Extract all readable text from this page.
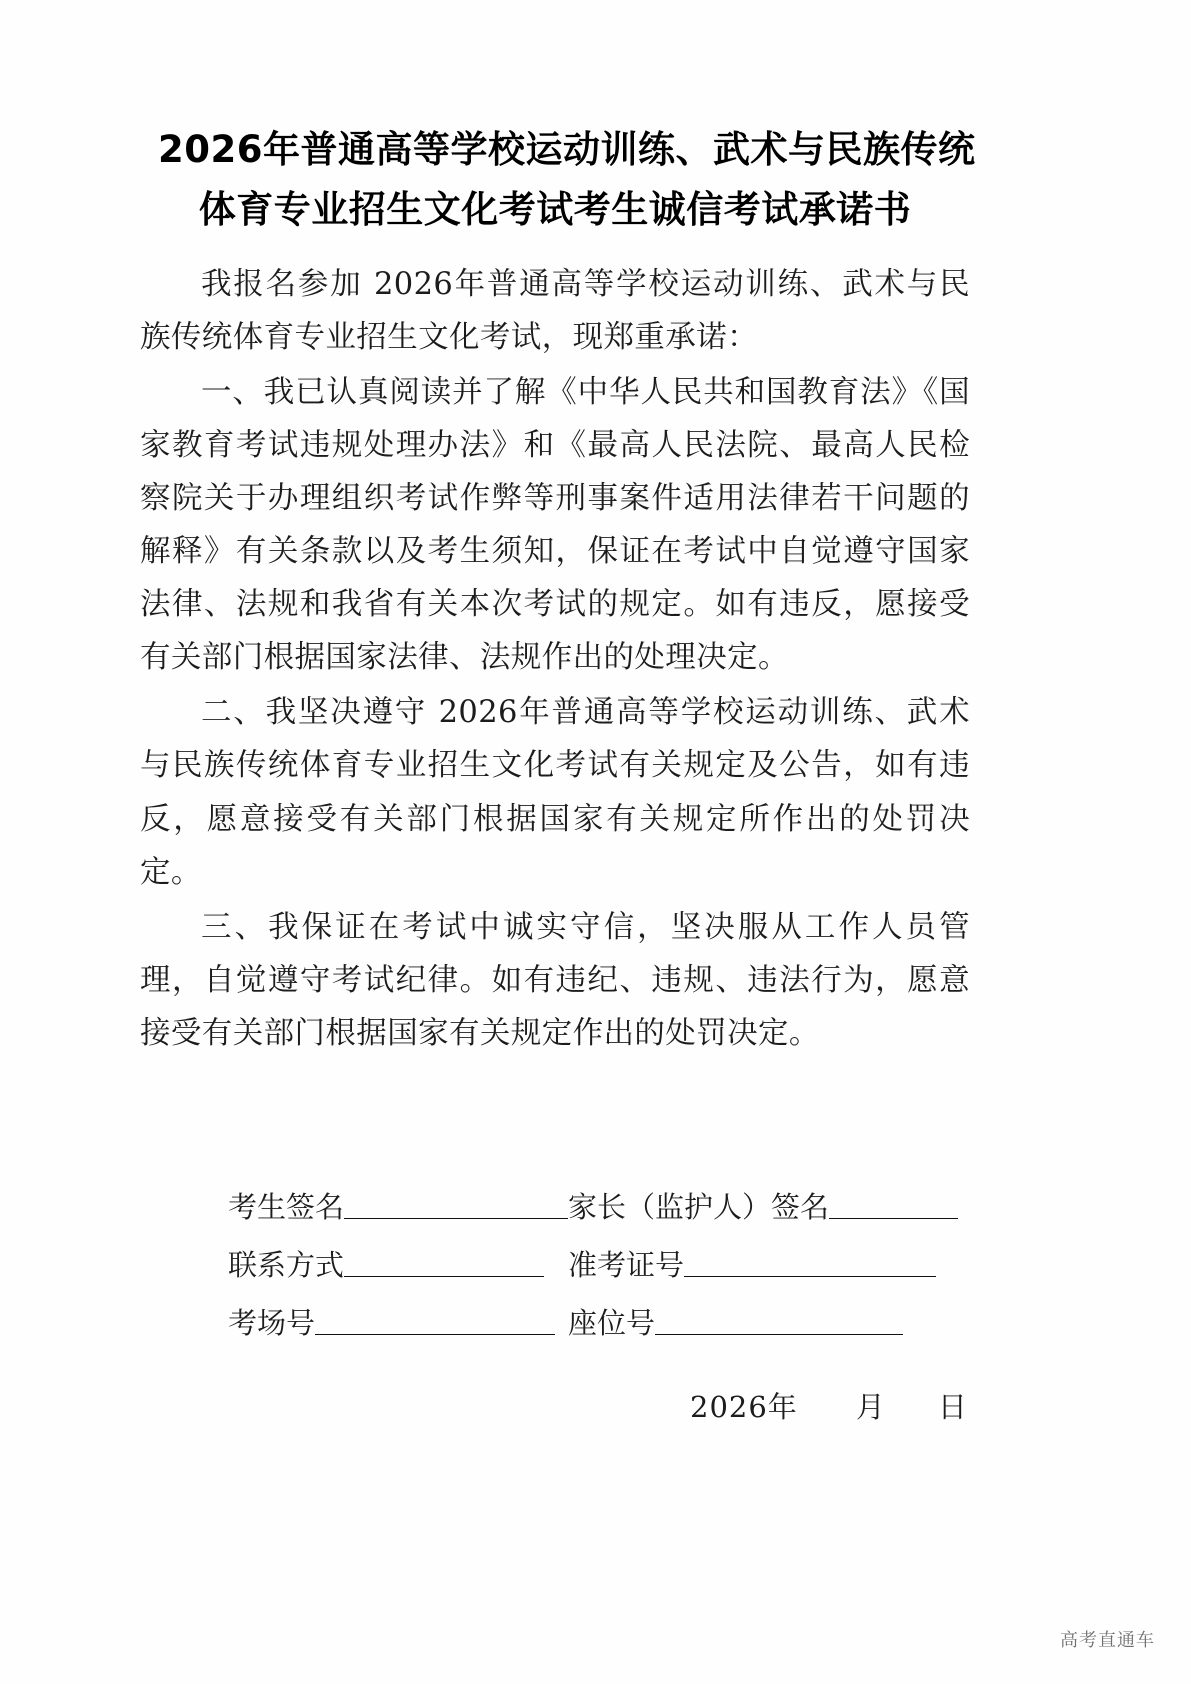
2026年普通高等学校运动训练、武术与民族传统
体育专业招生文化考试考生诚信考试承诺书

我报名参加 2026年普通高等学校运动训练、武术与民族传统体育专业招生文化考试，现郑重承诺：

一、我已认真阅读并了解《中华人民共和国教育法》《国家教育考试违规处理办法》和《最高人民法院、最高人民检察院关于办理组织考试作弊等刑事案件适用法律若干问题的解释》有关条款以及考生须知，保证在考试中自觉遵守国家法律、法规和我省有关本次考试的规定。如有违反，愿接受有关部门根据国家法律、法规作出的处理决定。

二、我坚决遵守 2026年普通高等学校运动训练、武术与民族传统体育专业招生文化考试有关规定及公告，如有违反，愿意接受有关部门根据国家有关规定所作出的处罚决定。

三、我保证在考试中诚实守信，坚决服从工作人员管理，自觉遵守考试纪律。如有违纪、违规、违法行为，愿意接受有关部门根据国家有关规定作出的处罚决定。

考生签名	家长（监护人）签名
联系方式	准考证号
考场号	座位号
2026年 月 日
高考直通车
